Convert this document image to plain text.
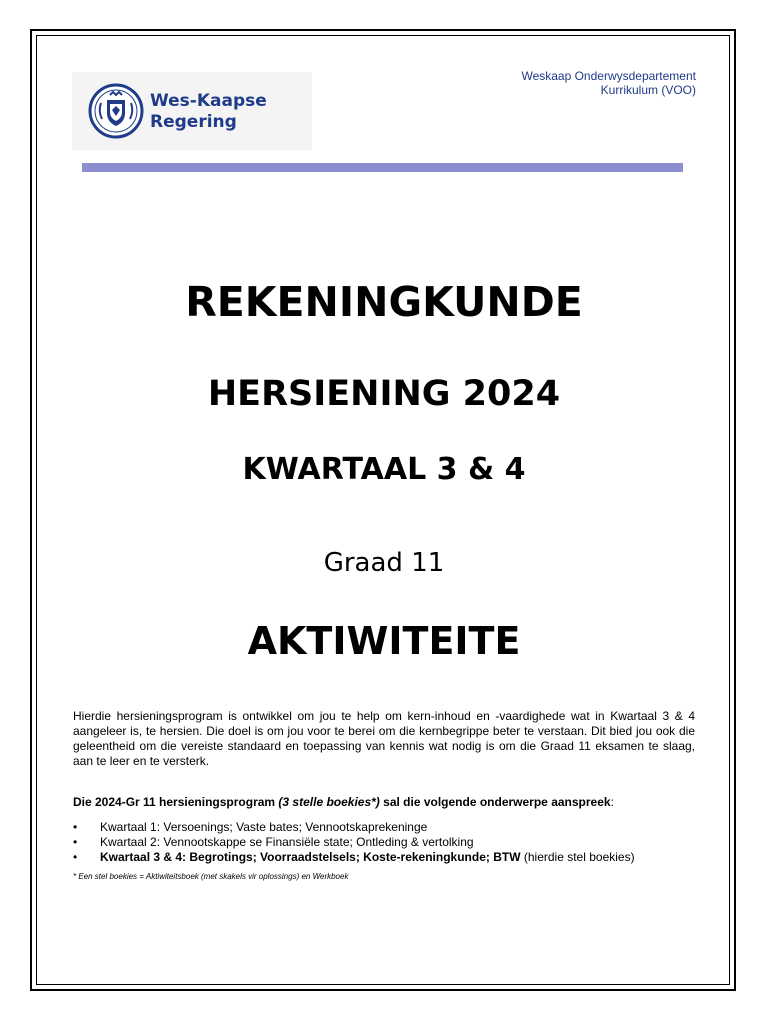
Wes-Kaapse
Regering
Weskaap Onderwysdepartement
Kurrikulum (VOO)
REKENINGKUNDE
HERSIENING 2024
KWARTAAL 3 & 4
Graad 11
AKTIWITEITE
Hierdie hersieningsprogram is ontwikkel om jou te help om kern-inhoud en -vaardighede wat in Kwartaal 3 & 4 aangeleer is, te hersien. Die doel is om jou voor te berei om die kernbegrippe beter te verstaan. Dit bied jou ook die geleentheid om die vereiste standaard en toepassing van kennis wat nodig is om die Graad 11 eksamen te slaag, aan te leer en te versterk.
Die 2024-Gr 11 hersieningsprogram (3 stelle boekies*) sal die volgende onderwerpe aanspreek:
• Kwartaal 1: Versoenings; Vaste bates; Vennootskaprekeninge
• Kwartaal 2: Vennootskappe se Finansiële state; Ontleding & vertolking
• Kwartaal 3 & 4: Begrotings; Voorraadstelsels; Koste-rekeningkunde; BTW (hierdie stel boekies)
* Een stel boekies = Aktiwiteitsboek (met skakels vir oplossings) en Werkboek
